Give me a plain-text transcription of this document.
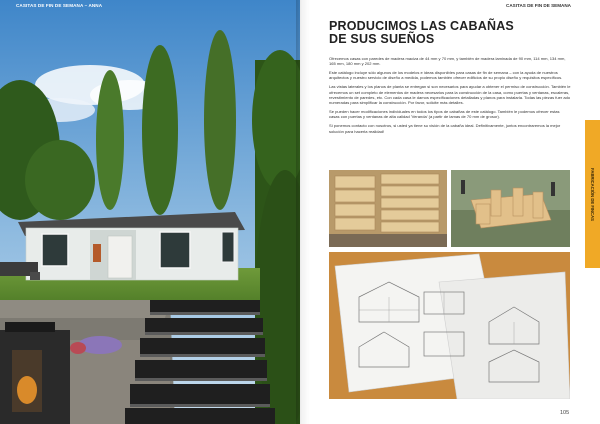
CASITAS DE FIN DE SEMANA – ANNA	CASITAS DE FIN DE SEMANA
PRODUCIMOS LAS CABAÑAS
DE SUS SUEÑOS

Ofrecemos casas con paredes de madera maciza de 44 mm y 70 mm, y también de madera laminada de 90 mm, 114 mm, 134 mm, 165 mm, 180 mm y 202 mm.

Este catálogo incluye sólo algunos de los modelos e ideas disponibles para casas de fin de semana – con la ayuda de nuestros arquitectos y nuestro servicio de diseño a medida, podemos también ofrecer edificios de su propio diseño y requisitos específicos.

Las vistas laterales y los planos de planta se entregan si son necesarios para ayudar a obtener el permiso de construcción. También le ofrecemos un set completo de elementos de madera necesarios para la construcción de la casa, como puertas y ventanas, escaleras, revestimiento de paredes, etc. Con cada casa le damos especificaciones detalladas y planos para instalarla. Todas las piezas fuer ado numeradas para simplificar la construcción. Por favor, solicite más detalles.

Se pueden hacer modificaciones individuales en todos los tipos de cabañas de este catálogo. También le podemos ofrecer estas casas con puertas y ventanas de alta calidad 'Veranda' (a partir de lamas de 70 mm de grosor).

Si ponemos contacto con nosotros, si usted ya tiene su visión de la cabaña ideal. Definitivamente, juntos encontraremos la mejor solución para hacerla realidad!

FABRICACIÓN DE FINCAS
105
